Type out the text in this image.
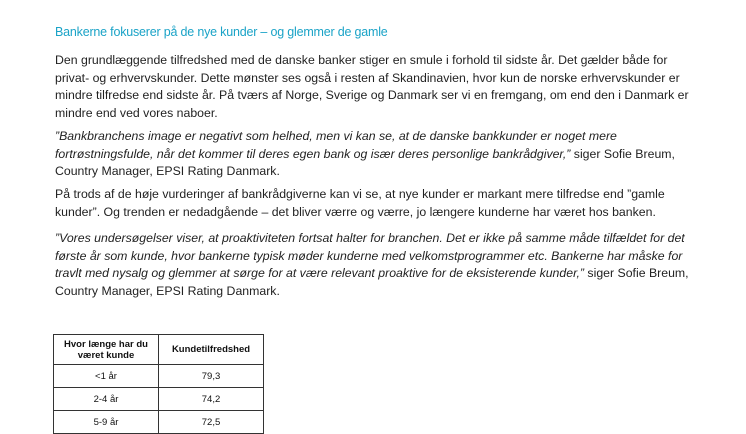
Bankerne fokuserer på de nye kunder – og glemmer de gamle

Den grundlæggende tilfredshed med de danske banker stiger en smule i forhold til sidste år. Det gælder både for privat- og erhvervskunder. Dette mønster ses også i resten af Skandinavien, hvor kun de norske erhvervskunder er mindre tilfredse end sidste år. På tværs af Norge, Sverige og Danmark ser vi en fremgang, om end den i Danmark er mindre end ved vores naboer.

”Bankbranchens image er negativt som helhed, men vi kan se, at de danske bankkunder er noget mere fortrøstningsfulde, når det kommer til deres egen bank og især deres personlige bankrådgiver,” siger Sofie Breum, Country Manager, EPSI Rating Danmark.

På trods af de høje vurderinger af bankrådgiverne kan vi se, at nye kunder er markant mere tilfredse end ”gamle kunder”. Og trenden er nedadgående – det bliver værre og værre, jo længere kunderne har været hos banken.

”Vores undersøgelser viser, at proaktiviteten fortsat halter for branchen. Det er ikke på samme måde tilfældet for det første år som kunde, hvor bankerne typisk møder kunderne med velkomstprogrammer etc. Bankerne har måske for travlt med nysalg og glemmer at sørge for at være relevant proaktive for de eksisterende kunder,” siger Sofie Breum, Country Manager, EPSI Rating Danmark.

Hvor længe har du været kunde	Kundetilfredshed
<1 år	79,3
2-4 år	74,2
5-9 år	72,5
